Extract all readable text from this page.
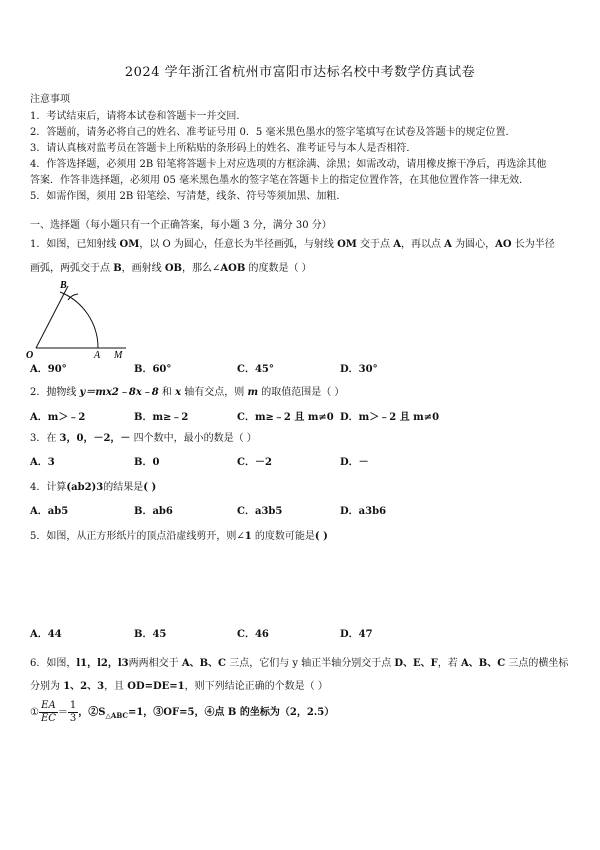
2024 学年浙江省杭州市富阳市达标名校中考数学仿真试卷
注意事项
1．考试结束后，请将本试卷和答题卡一并交回．
2．答题前，请务必将自己的姓名、准考证号用 0．5 毫米黑色墨水的签字笔填写在试卷及答题卡的规定位置．
3．请认真核对监考员在答题卡上所粘贴的条形码上的姓名、准考证号与本人是否相符．
4．作答选择题，必须用 2B 铅笔将答题卡上对应选项的方框涂满、涂黑；如需改动，请用橡皮擦干净后，再选涂其他
答案．作答非选择题，必须用 05 毫米黑色墨水的签字笔在答题卡上的指定位置作答，在其他位置作答一律无效．
5．如需作图，须用 2B 铅笔绘、写清楚，线条、符号等须加黑、加粗．
一、选择题（每小题只有一个正确答案，每小题 3 分，满分 30 分）
1．如图，已知射线 OM，以 O 为圆心，任意长为半径画弧，与射线 OM 交于点 A，再以点 A 为圆心，AO 长为半径
画弧，两弧交于点 B，画射线 OB，那么∠AOB 的度数是（ ）
B
O	A M
A．90°	B．60°	C．45°	D．30°
2．抛物线 y＝mx2﹣8x﹣8 和 x 轴有交点，则 m 的取值范围是（ ）
A．m＞﹣2	B．m≥﹣2	C．m≥﹣2 且 m≠0 D．m＞﹣2 且 m≠0
3．在 3，0，－2，－ 四个数中，最小的数是（ ）
A．3	B．0	C．－2	D．－
4．计算(ab2)3的结果是( )
A．ab5	B．ab6	C．a3b5	D．a3b6
5．如图，从正方形纸片的顶点沿虚线剪开，则∠1 的度数可能是( )
A．44	B．45	C．46	D．47
6．如图，l1，l2，l3两两相交于 A、B、C 三点，它们与 y 轴正半轴分别交于点 D、E、F，若 A、B、C 三点的横坐标
分别为 1、2、3，且 OD=DE=1，则下列结论正确的个数是（ ）
① $\frac{EA}{EC} = \frac{1}{3}$ ，$②S_{\triangle ABC}=1$，③OF=5，④点 B 的坐标为（2，2.5）
